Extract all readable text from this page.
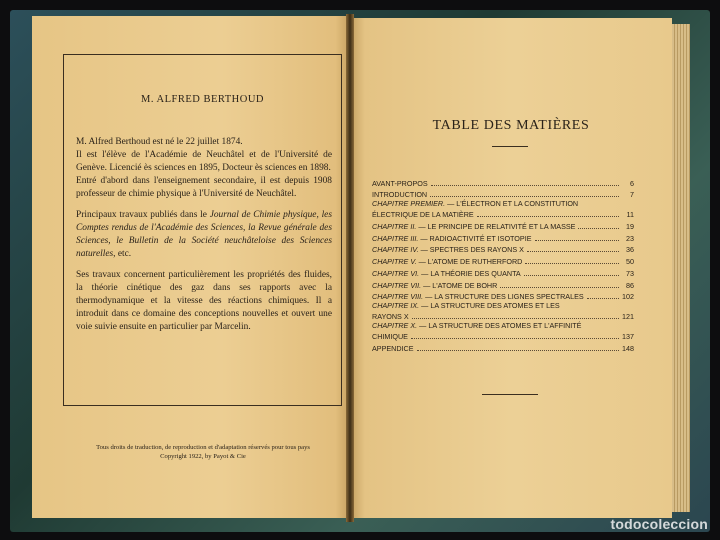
M. ALFRED BERTHOUD

M. Alfred Berthoud est né le 22 juillet 1874.

Il est l'élève de l'Académie de Neuchâtel et de l'Université de Genève. Licencié ès sciences en 1895, Docteur ès sciences en 1898.

Entré d'abord dans l'enseignement secondaire, il est depuis 1908 professeur de chimie physique à l'Université de Neuchâtel.

Principaux travaux publiés dans le Journal de Chimie physique, les Comptes rendus de l'Académie des Sciences, la Revue générale des Sciences, le Bulletin de la Société neuchâteloise des Sciences naturelles, etc.

Ses travaux concernent particulièrement les propriétés des fluides, la théorie cinétique des gaz dans ses rapports avec la thermodynamique et la vitesse des réactions chimiques. Il a introduit dans ce domaine des conceptions nouvelles et ouvert une voie suivie ensuite en particulier par Marcelin.

Tous droits de traduction, de reproduction et d'adaptation réservés pour tous pays
Copyright 1922, by Payot & Cie
TABLE DES MATIÈRES
AVANT-PROPOS	6
INTRODUCTION	7
CHAPITRE PREMIER. — L'ÉLECTRON ET LA CONSTITUTION
ÉLECTRIQUE DE LA MATIÈRE	11
CHAPITRE II. — LE PRINCIPE DE RELATIVITÉ ET LA MASSE	19
CHAPITRE III. — RADIOACTIVITÉ ET ISOTOPIE	23
CHAPITRE IV. — SPECTRES DES RAYONS X	36
CHAPITRE V. — L'ATOME DE RUTHERFORD	50
CHAPITRE VI. — LA THÉORIE DES QUANTA	73
CHAPITRE VII. — L'ATOME DE BOHR	86
CHAPITRE VIII. — LA STRUCTURE DES LIGNES SPECTRALES	102
CHAPITRE IX. — LA STRUCTURE DES ATOMES ET LES
RAYONS X	121
CHAPITRE X. — LA STRUCTURE DES ATOMES ET L'AFFINITÉ
CHIMIQUE	137
APPENDICE	148
todocoleccion
